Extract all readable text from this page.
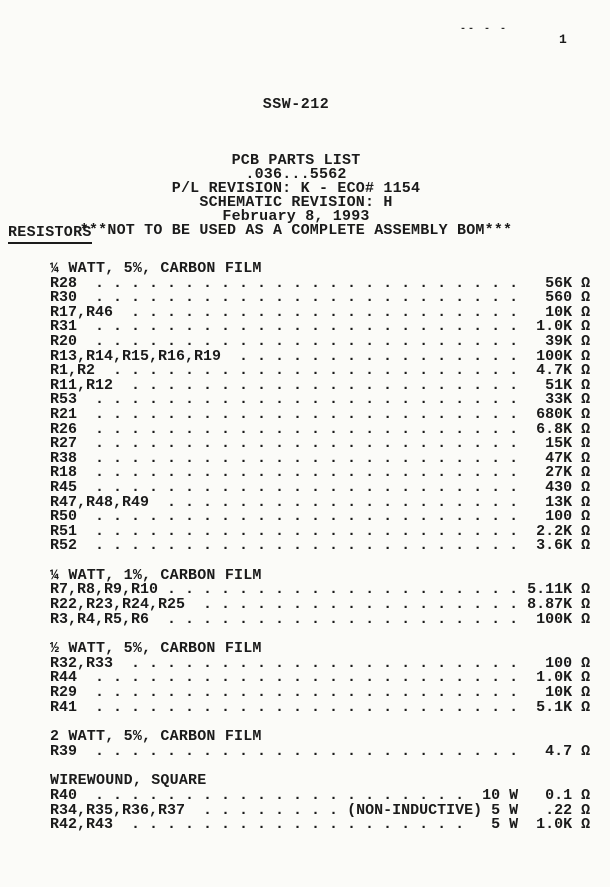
-- - -
1

SSW-212

PCB PARTS LIST
.036...5562
P/L REVISION: K - ECO# 1154
SCHEMATIC REVISION: H
February 8, 1993
***NOT TO BE USED AS A COMPLETE ASSEMBLY BOM***

RESISTORS
¼ WATT, 5%, CARBON FILM
R28  . . . . . . . . . . . . . . . . . . . . . . . .   56K Ω
R30  . . . . . . . . . . . . . . . . . . . . . . . .   560 Ω
R17,R46  . . . . . . . . . . . . . . . . . . . . . .   10K Ω
R31  . . . . . . . . . . . . . . . . . . . . . . . .  1.0K Ω
R20  . . . . . . . . . . . . . . . . . . . . . . . .   39K Ω
R13,R14,R15,R16,R19  . . . . . . . . . . . . . . . .  100K Ω
R1,R2  . . . . . . . . . . . . . . . . . . . . . . .  4.7K Ω
R11,R12  . . . . . . . . . . . . . . . . . . . . . .   51K Ω
R53  . . . . . . . . . . . . . . . . . . . . . . . .   33K Ω
R21  . . . . . . . . . . . . . . . . . . . . . . . .  680K Ω
R26  . . . . . . . . . . . . . . . . . . . . . . . .  6.8K Ω
R27  . . . . . . . . . . . . . . . . . . . . . . . .   15K Ω
R38  . . . . . . . . . . . . . . . . . . . . . . . .   47K Ω
R18  . . . . . . . . . . . . . . . . . . . . . . . .   27K Ω
R45  . . . . . . . . . . . . . . . . . . . . . . . .   430 Ω
R47,R48,R49  . . . . . . . . . . . . . . . . . . . .   13K Ω
R50  . . . . . . . . . . . . . . . . . . . . . . . .   100 Ω
R51  . . . . . . . . . . . . . . . . . . . . . . . .  2.2K Ω
R52  . . . . . . . . . . . . . . . . . . . . . . . .  3.6K Ω
¼ WATT, 1%, CARBON FILM
R7,R8,R9,R10 . . . . . . . . . . . . . . . . . . . . 5.11K Ω
R22,R23,R24,R25  . . . . . . . . . . . . . . . . . . 8.87K Ω
R3,R4,R5,R6  . . . . . . . . . . . . . . . . . . . .  100K Ω
½ WATT, 5%, CARBON FILM
R32,R33  . . . . . . . . . . . . . . . . . . . . . .   100 Ω
R44  . . . . . . . . . . . . . . . . . . . . . . . .  1.0K Ω
R29  . . . . . . . . . . . . . . . . . . . . . . . .   10K Ω
R41  . . . . . . . . . . . . . . . . . . . . . . . .  5.1K Ω
2 WATT, 5%, CARBON FILM
R39  . . . . . . . . . . . . . . . . . . . . . . . .   4.7 Ω
WIREWOUND, SQUARE
R40  . . . . . . . . . . . . . . . . . . . . .  10 W   0.1 Ω
R34,R35,R36,R37  . . . . . . . . (NON-INDUCTIVE) 5 W   .22 Ω
R42,R43  . . . . . . . . . . . . . . . . . . .   5 W  1.0K Ω
